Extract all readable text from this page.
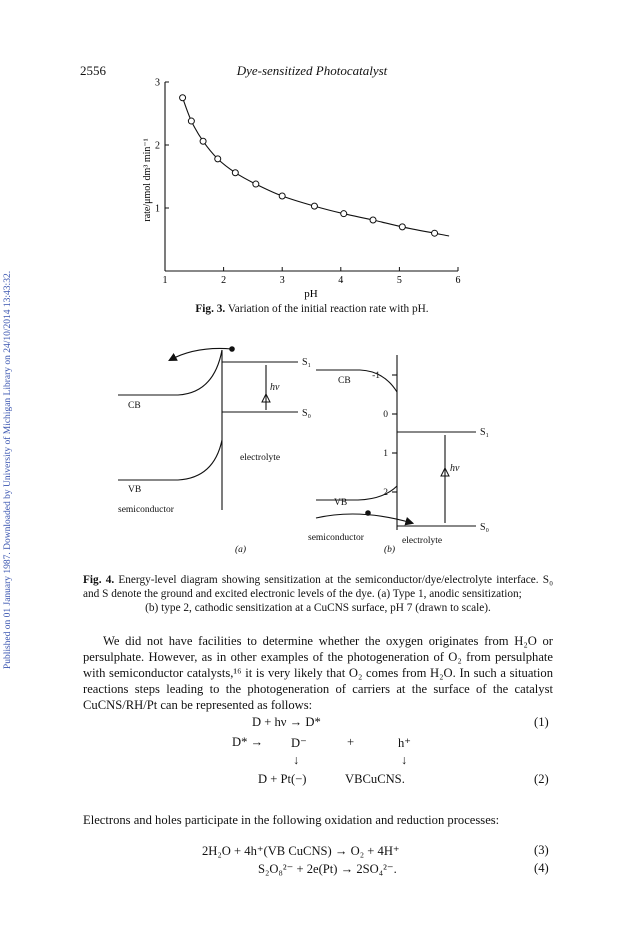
Published on 01 January 1987. Downloaded by University of Michigan Library on 24/10/2014 13:43:32.
2556	Dye-sensitized Photocatalyst
1	2	3	4	5	6
1
2
3
pH
rate/μmol dm³ min⁻¹
Fig. 3. Variation of the initial reaction rate with pH.
CB
VB
semiconductor
electrolyte
S₁
S₀
hν
(a)
CB
VB
semiconductor	electrolyte
S₁
S₀
hν
-1
0
1
2
(b)
Fig. 4. Energy-level diagram showing sensitization at the semiconductor/dye/electrolyte interface. S₀ and S denote the ground and excited electronic levels of the dye. (a) Type 1, anodic sensitization;
(b) type 2, cathodic sensitization at a CuCNS surface, pH 7 (drawn to scale).
We did not have facilities to determine whether the oxygen originates from H₂O or persulphate. However, as in other examples of the photogeneration of O₂ from persulphate with semiconductor catalysts,¹⁶ it is very likely that O₂ comes from H₂O. In such a situation reactions steps leading to the photogeneration of carriers at the surface of the catalyst CuCNS/RH/Pt can be represented as follows:
D + hν → D*	(1)
D* → D⁻	+	h⁺
↓	↓
D + Pt(−)	VBCuCNS.	(2)
Electrons and holes participate in the following oxidation and reduction processes:
2H₂O + 4h⁺(VB CuCNS) → O₂ + 4H⁺	(3)
S₂O₈²⁻ + 2e(Pt) → 2SO₄²⁻.	(4)
